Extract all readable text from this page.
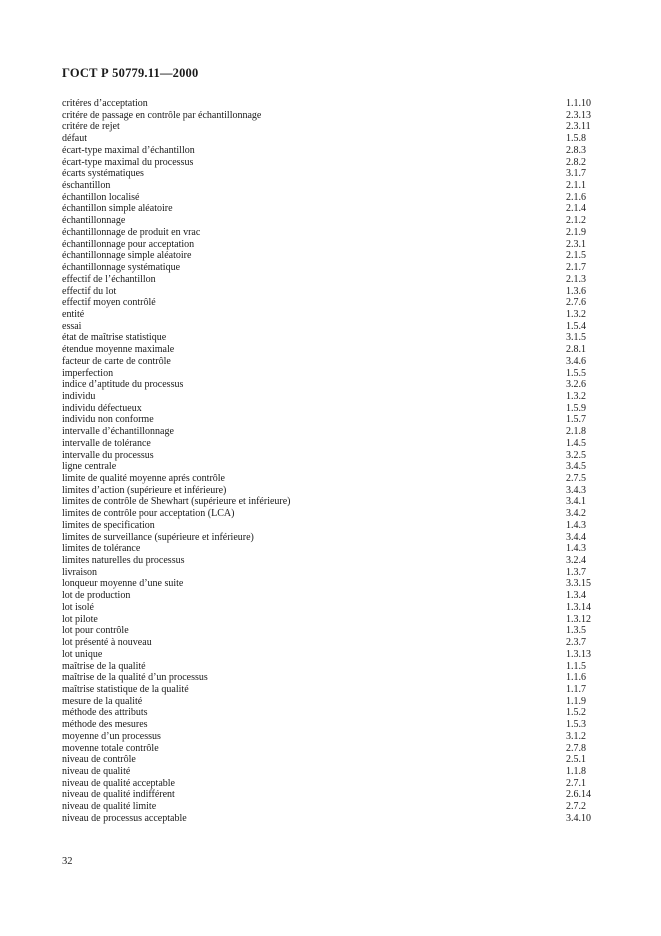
ГОСТ Р 50779.11—2000
critéres d’acceptation	1.1.10
critére de passage en contrôle par échantillonnage	2.3.13
critére de rejet	2.3.11
défaut	1.5.8
écart-type maximal d’échantillon	2.8.3
écart-type maximal du processus	2.8.2
écarts systématiques	3.1.7
éschantillon	2.1.1
échantillon localisé	2.1.6
échantillon simple aléatoire	2.1.4
échantillonnage	2.1.2
échantillonnage de produit en vrac	2.1.9
échantillonnage pour acceptation	2.3.1
échantillonnage simple aléatoire	2.1.5
échantillonnage systématique	2.1.7
effectif de l’échantillon	2.1.3
effectif du lot	1.3.6
effectif moyen contrôlé	2.7.6
entité	1.3.2
essai	1.5.4
état de maîtrise statistique	3.1.5
étendue moyenne maximale	2.8.1
facteur de carte de contrôle	3.4.6
imperfection	1.5.5
indice d’aptitude du processus	3.2.6
individu	1.3.2
individu défectueux	1.5.9
individu non conforme	1.5.7
intervalle d’échantillonnage	2.1.8
intervalle de tolérance	1.4.5
intervalle du processus	3.2.5
ligne centrale	3.4.5
limite de qualité moyenne aprés contrôle	2.7.5
limites d’action (supérieure et inférieure)	3.4.3
limites de contrôle de Shewhart (supérieure et inférieure)	3.4.1
limites de contrôle pour acceptation (LCA)	3.4.2
limites de specification	1.4.3
limites de surveillance (supérieure et inférieure)	3.4.4
limites de tolérance	1.4.3
limites naturelles du processus	3.2.4
livraison	1.3.7
lonqueur moyenne d’une suite	3.3.15
lot de production	1.3.4
lot isolé	1.3.14
lot pilote	1.3.12
lot pour contrôle	1.3.5
lot présenté à nouveau	2.3.7
lot unique	1.3.13
maîtrise de la qualité	1.1.5
maîtrise de la qualité d’un processus	1.1.6
maîtrise statistique de la qualité	1.1.7
mesure de la qualité	1.1.9
méthode des attributs	1.5.2
méthode des mesures	1.5.3
moyenne d’un processus	3.1.2
movenne totale contrôle	2.7.8
niveau de contrôle	2.5.1
niveau de qualité	1.1.8
niveau de qualité acceptable	2.7.1
niveau de qualité indifférent	2.6.14
niveau de qualité limite	2.7.2
niveau de processus acceptable	3.4.10
32
